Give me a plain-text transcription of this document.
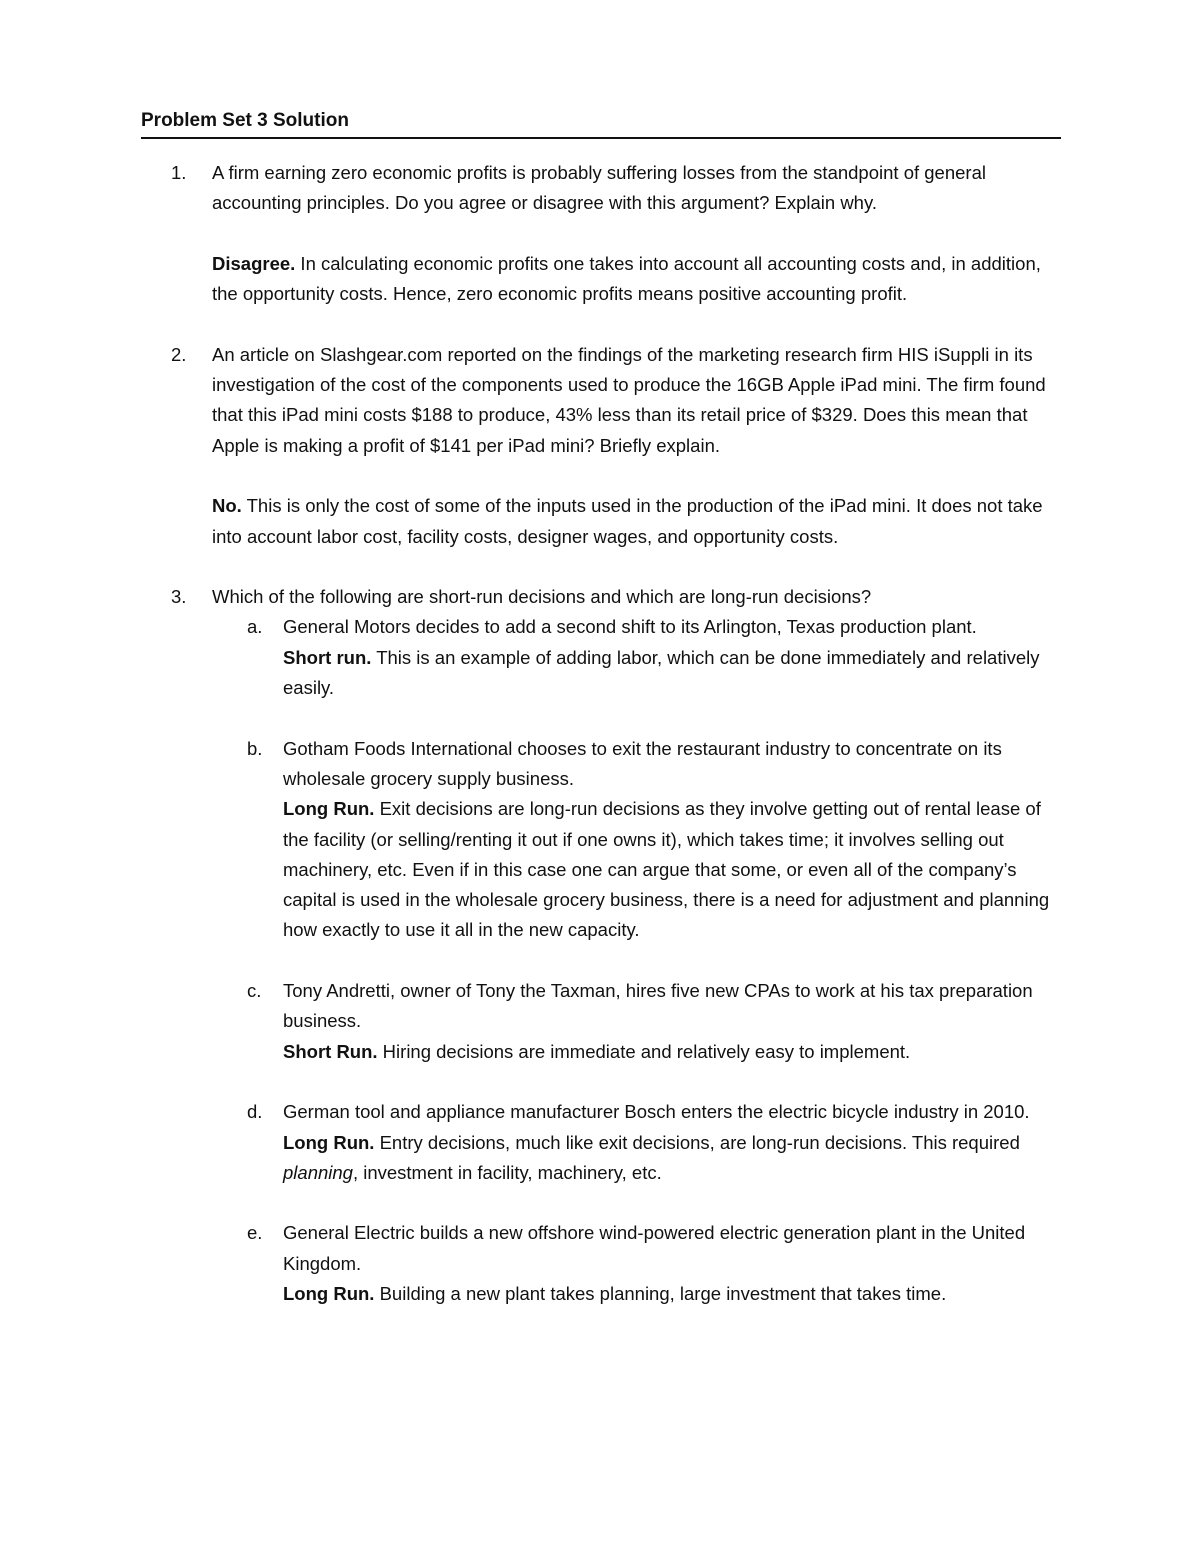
Problem Set 3 Solution
1. A firm earning zero economic profits is probably suffering losses from the standpoint of general accounting principles. Do you agree or disagree with this argument? Explain why.
Disagree. In calculating economic profits one takes into account all accounting costs and, in addition, the opportunity costs. Hence, zero economic profits means positive accounting profit.
2. An article on Slashgear.com reported on the findings of the marketing research firm HIS iSuppli in its investigation of the cost of the components used to produce the 16GB Apple iPad mini. The firm found that this iPad mini costs $188 to produce, 43% less than its retail price of $329. Does this mean that Apple is making a profit of $141 per iPad mini? Briefly explain.
No. This is only the cost of some of the inputs used in the production of the iPad mini. It does not take into account labor cost, facility costs, designer wages, and opportunity costs.
3. Which of the following are short-run decisions and which are long-run decisions?
a. General Motors decides to add a second shift to its Arlington, Texas production plant.
Short run. This is an example of adding labor, which can be done immediately and relatively easily.
b. Gotham Foods International chooses to exit the restaurant industry to concentrate on its wholesale grocery supply business.
Long Run. Exit decisions are long-run decisions as they involve getting out of rental lease of the facility (or selling/renting it out if one owns it), which takes time; it involves selling out machinery, etc. Even if in this case one can argue that some, or even all of the company’s capital is used in the wholesale grocery business, there is a need for adjustment and planning how exactly to use it all in the new capacity.
c. Tony Andretti, owner of Tony the Taxman, hires five new CPAs to work at his tax preparation business.
Short Run. Hiring decisions are immediate and relatively easy to implement.
d. German tool and appliance manufacturer Bosch enters the electric bicycle industry in 2010.
Long Run. Entry decisions, much like exit decisions, are long-run decisions. This required planning, investment in facility, machinery, etc.
e. General Electric builds a new offshore wind-powered electric generation plant in the United Kingdom.
Long Run. Building a new plant takes planning, large investment that takes time.
